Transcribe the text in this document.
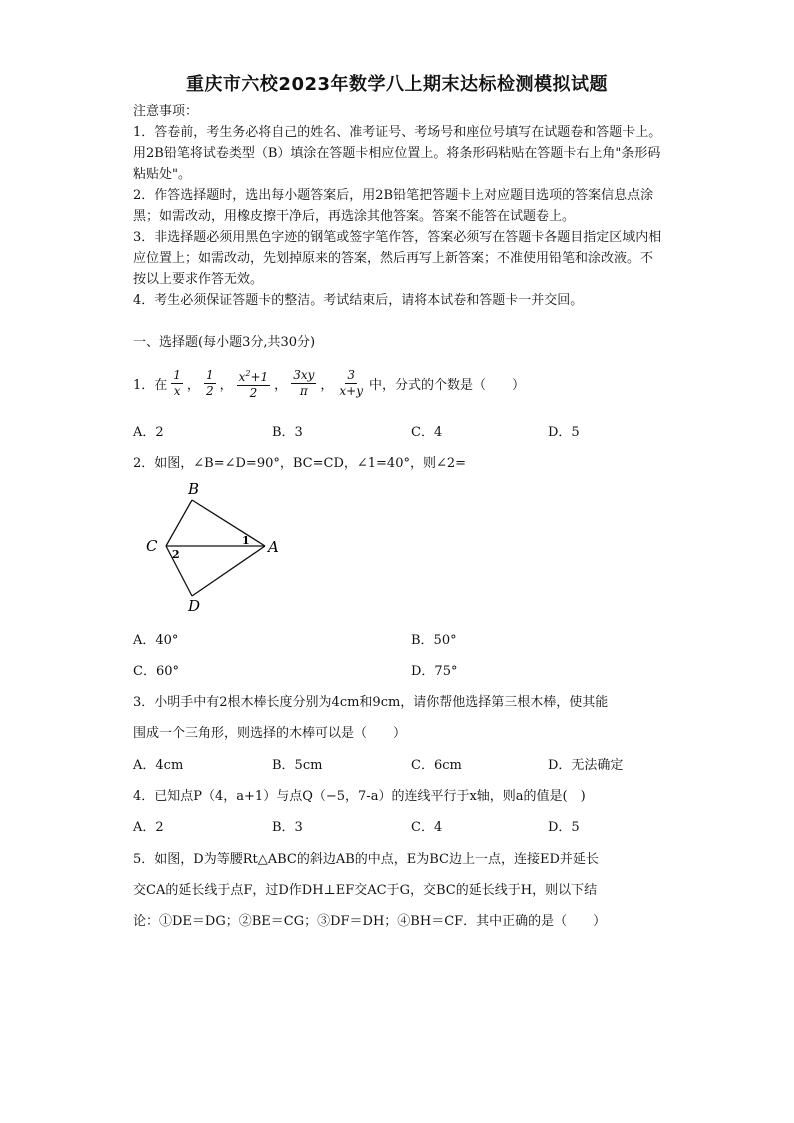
重庆市六校2023年数学八上期末达标检测模拟试题

注意事项：

1．答卷前，考生务必将自己的姓名、准考证号、考场号和座位号填写在试题卷和答题卡上。用2B铅笔将试卷类型（B）填涂在答题卡相应位置上。将条形码粘贴在答题卡右上角"条形码粘贴处"。

2．作答选择题时，选出每小题答案后，用2B铅笔把答题卡上对应题目选项的答案信息点涂黑；如需改动，用橡皮擦干净后，再选涂其他答案。答案不能答在试题卷上。

3．非选择题必须用黑色字迹的钢笔或签字笔作答，答案必须写在答题卡各题目指定区域内相应位置上；如需改动，先划掉原来的答案，然后再写上新答案；不准使用铅笔和涂改液。不按以上要求作答无效。

4．考生必须保证答题卡的整洁。考试结束后，请将本试卷和答题卡一并交回。

一、选择题(每小题3分,共30分)
1．在 $\frac{1}{x}$ ， $\frac{1}{2}$ ， $\frac{x^2+1}{2}$ ， $\frac{3xy}{\pi}$ ， $\frac{3}{x+y}$ 中，分式的个数是（　　）
A．2	B．3	C．4	D．5
2．如图，∠B=∠D=90°，BC=CD，∠1=40°，则∠2=
B
C	A
D
1
2
A．40°	B．50°
C．60°	D．75°
3．小明手中有2根木棒长度分别为4cm和9cm，请你帮他选择第三根木棒，使其能
围成一个三角形，则选择的木棒可以是（　　）
A．4cm	B．5cm	C．6cm	D．无法确定
4．已知点P（4，a+1）与点Q（−5，7-a）的连线平行于x轴，则a的值是(　)
A．2	B．3	C．4	D．5
5．如图，D为等腰Rt△ABC的斜边AB的中点，E为BC边上一点，连接ED并延长
交CA的延长线于点F，过D作DH⊥EF交AC于G，交BC的延长线于H，则以下结
论：①DE＝DG；②BE＝CG；③DF＝DH；④BH＝CF．其中正确的是（　　）
